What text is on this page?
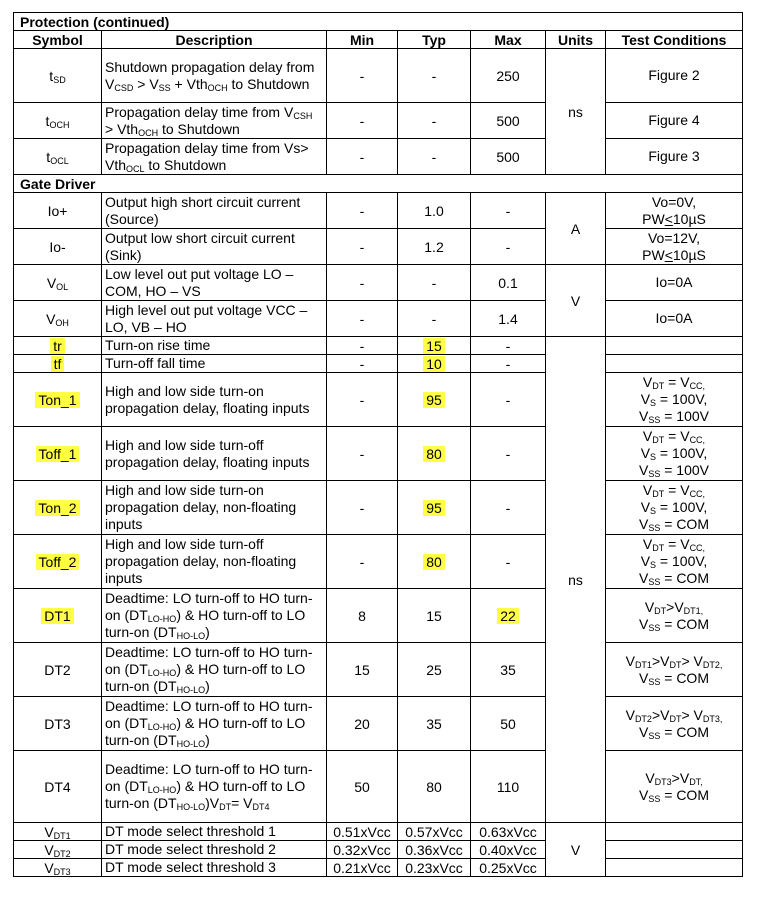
Protection (continued)						
Symbol	Description	Min	Typ	Max	Units	Test Conditions
$t_{SD}$	Shutdown propagation delay from $V_{CSD} > V_{SS} + Vth_{OCH}$ to Shutdown	-	-	250	ns	Figure 2
$t_{OCH}$	Propagation delay time from $V_{CSH} > Vth_{OCH}$ to Shutdown	-	-	500		Figure 4
$t_{OCL}$	Propagation delay time from Vs> Vth$_{OCL}$ to Shutdown	-	-	500		Figure 3
Gate Driver						
Io+	Output high short circuit current (Source)	-	1.0	-	A	Vo=0V,
PW<10µS
Io-	Output low short circuit current (Sink)	-	1.2	-		Vo=12V,
PW<10µS
$V_{OL}$	Low level out put voltage LO – COM, HO – VS	-	-	0.1	V	Io=0A
$V_{OH}$	High level out put voltage VCC – LO, VB – HO	-	-	1.4		Io=0A
tr	Turn-on rise time	-	15	-	ns	
tf	Turn-off fall time	-	10	-		
Ton_1	High and low side turn-on propagation delay, floating inputs	-	95	-		$V_{DT} = V_{CC,}$
$V_S = 100V$,
$V_{SS} = 100V$
Toff_1	High and low side turn-off propagation delay, floating inputs	-	80	-		$V_{DT} = V_{CC,}$
$V_S = 100V$,
$V_{SS} = 100V$
Ton_2	High and low side turn-on propagation delay, non-floating inputs	-	95	-		$V_{DT} = V_{CC,}$
$V_S = 100V$,
$V_{SS}$ = COM
Toff_2	High and low side turn-off propagation delay, non-floating inputs	-	80	-		$V_{DT} = V_{CC,}$
$V_S = 100V$,
$V_{SS}$ = COM
DT1	Deadtime: LO turn-off to HO turn-on $(DT_{LO-HO})$ & HO turn-off to LO turn-on $(DT_{HO-LO})$	8	15	22		$V_{DT}>V_{DT1,}$
$V_{SS}$ = COM
DT2	Deadtime: LO turn-off to HO turn-on $(DT_{LO-HO})$ & HO turn-off to LO turn-on $(DT_{HO-LO})$	15	25	35		$V_{DT1}>V_{DT}> V_{DT2,}$
$V_{SS}$ = COM
DT3	Deadtime: LO turn-off to HO turn-on $(DT_{LO-HO})$ & HO turn-off to LO turn-on $(DT_{HO-LO})$	20	35	50		$V_{DT2}>V_{DT}> V_{DT3,}$
$V_{SS}$ = COM
DT4	Deadtime: LO turn-off to HO turn-on $(DT_{LO-HO})$ & HO turn-off to LO turn-on $(DT_{HO-LO})V_{DT}= V_{DT4}$	50	80	110		$V_{DT3}>V_{DT,}$
$V_{SS}$ = COM
$V_{DT1}$	DT mode select threshold 1	0.51xVcc	0.57xVcc	0.63xVcc	V	
$V_{DT2}$	DT mode select threshold 2	0.32xVcc	0.36xVcc	0.40xVcc		
$V_{DT3}$	DT mode select threshold 3	0.21xVcc	0.23xVcc	0.25xVcc		
